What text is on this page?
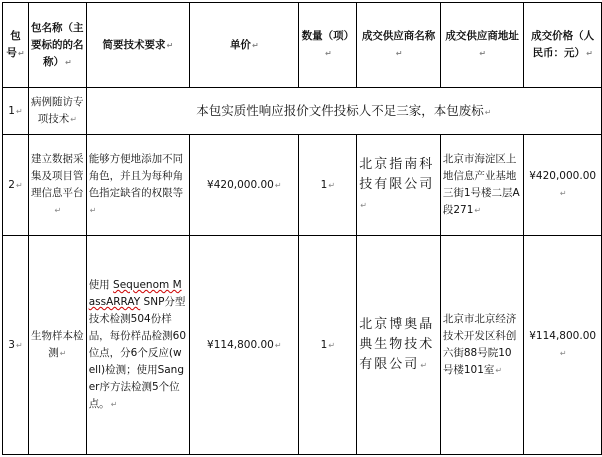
包号↵	包名称（主要标的的名称）↵	简要技术要求↵	单价↵	数量（项）↵	成交供应商名称↵	成交供应商地址↵	成交价格（人民币：元）↵
1↵	病例随访专项技术↵	本包实质性响应报价文件投标人不足三家，本包废标↵					
2↵	建立数据采集及项目管理信息平台↵	能够方便地添加不同角色，并且为每种角色指定缺省的权限等↵	¥420,000.00↵	1↵	北京指南科技有限公司↵	北京市海淀区上地信息产业基地三街1号楼二层A段271↵	¥420,000.00↵
3↵	生物样本检测↵	使用 Sequenom MassARRAY SNP分型技术检测504份样品，每份样品检测60位点，分6个反应(well)检测；使用Sanger序方法检测5个位点。↵	¥114,800.00↵	1↵	北京博奥晶典生物技术有限公司↵	北京市北京经济技术开发区科创六街88号院10号楼101室↵	¥114,800.00↵
